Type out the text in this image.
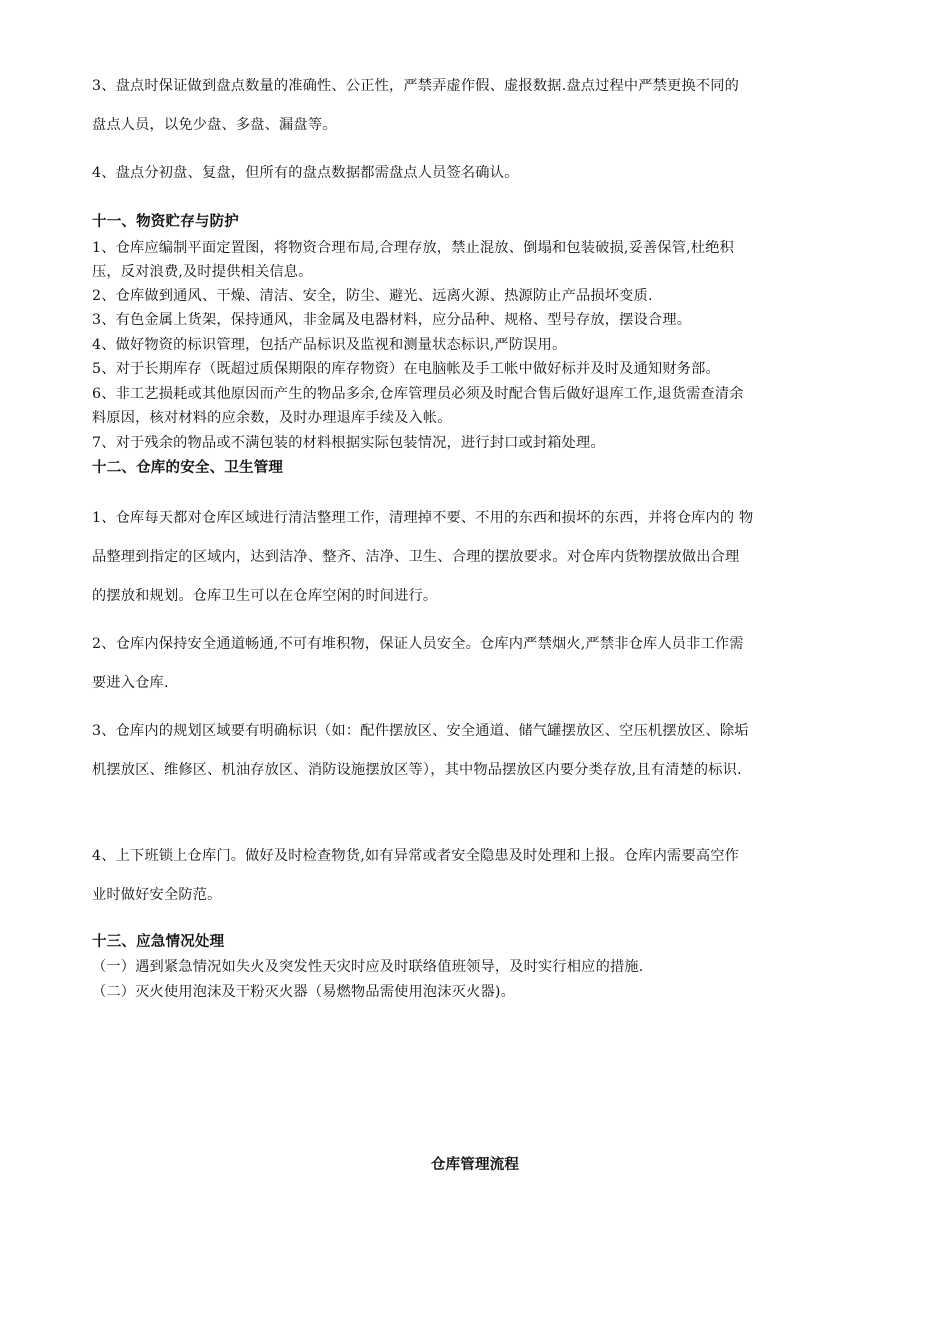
3、盘点时保证做到盘点数量的准确性、公正性，严禁弄虚作假、虚报数据.盘点过程中严禁更换不同的
盘点人员，以免少盘、多盘、漏盘等。
4、盘点分初盘、复盘，但所有的盘点数据都需盘点人员签名确认。
十一、物资贮存与防护
1、仓库应编制平面定置图，将物资合理布局,合理存放，禁止混放、倒塌和包装破损,妥善保管,杜绝积
压，反对浪费,及时提供相关信息。
2、仓库做到通风、干燥、清洁、安全，防尘、避光、远离火源、热源防止产品损坏变质.
3、有色金属上货架，保持通风，非金属及电器材料，应分品种、规格、型号存放，摆设合理。
4、做好物资的标识管理，包括产品标识及监视和测量状态标识,严防误用。
5、对于长期库存（既超过质保期限的库存物资）在电脑帐及手工帐中做好标并及时及通知财务部。
6、非工艺损耗或其他原因而产生的物品多余,仓库管理员必须及时配合售后做好退库工作,退货需查清余
料原因，核对材料的应余数，及时办理退库手续及入帐。
7、对于残余的物品或不满包装的材料根据实际包装情况，进行封口或封箱处理。
十二、仓库的安全、卫生管理
1、仓库每天都对仓库区域进行清洁整理工作，清理掉不要、不用的东西和损坏的东西，并将仓库内的 物
品整理到指定的区域内，达到洁净、整齐、洁净、卫生、合理的摆放要求。对仓库内货物摆放做出合理
的摆放和规划。仓库卫生可以在仓库空闲的时间进行。
2、仓库内保持安全通道畅通,不可有堆积物，保证人员安全。仓库内严禁烟火,严禁非仓库人员非工作需
要进入仓库.
3、仓库内的规划区域要有明确标识（如：配件摆放区、安全通道、储气罐摆放区、空压机摆放区、除垢
机摆放区、维修区、机油存放区、消防设施摆放区等），其中物品摆放区内要分类存放,且有清楚的标识.
4、上下班锁上仓库门。做好及时检查物货,如有异常或者安全隐患及时处理和上报。仓库内需要高空作
业时做好安全防范。
十三、应急情况处理
（一）遇到紧急情况如失火及突发性天灾时应及时联络值班领导，及时实行相应的措施.
（二）灭火使用泡沫及干粉灭火器（易燃物品需使用泡沫灭火器)。
仓库管理流程
